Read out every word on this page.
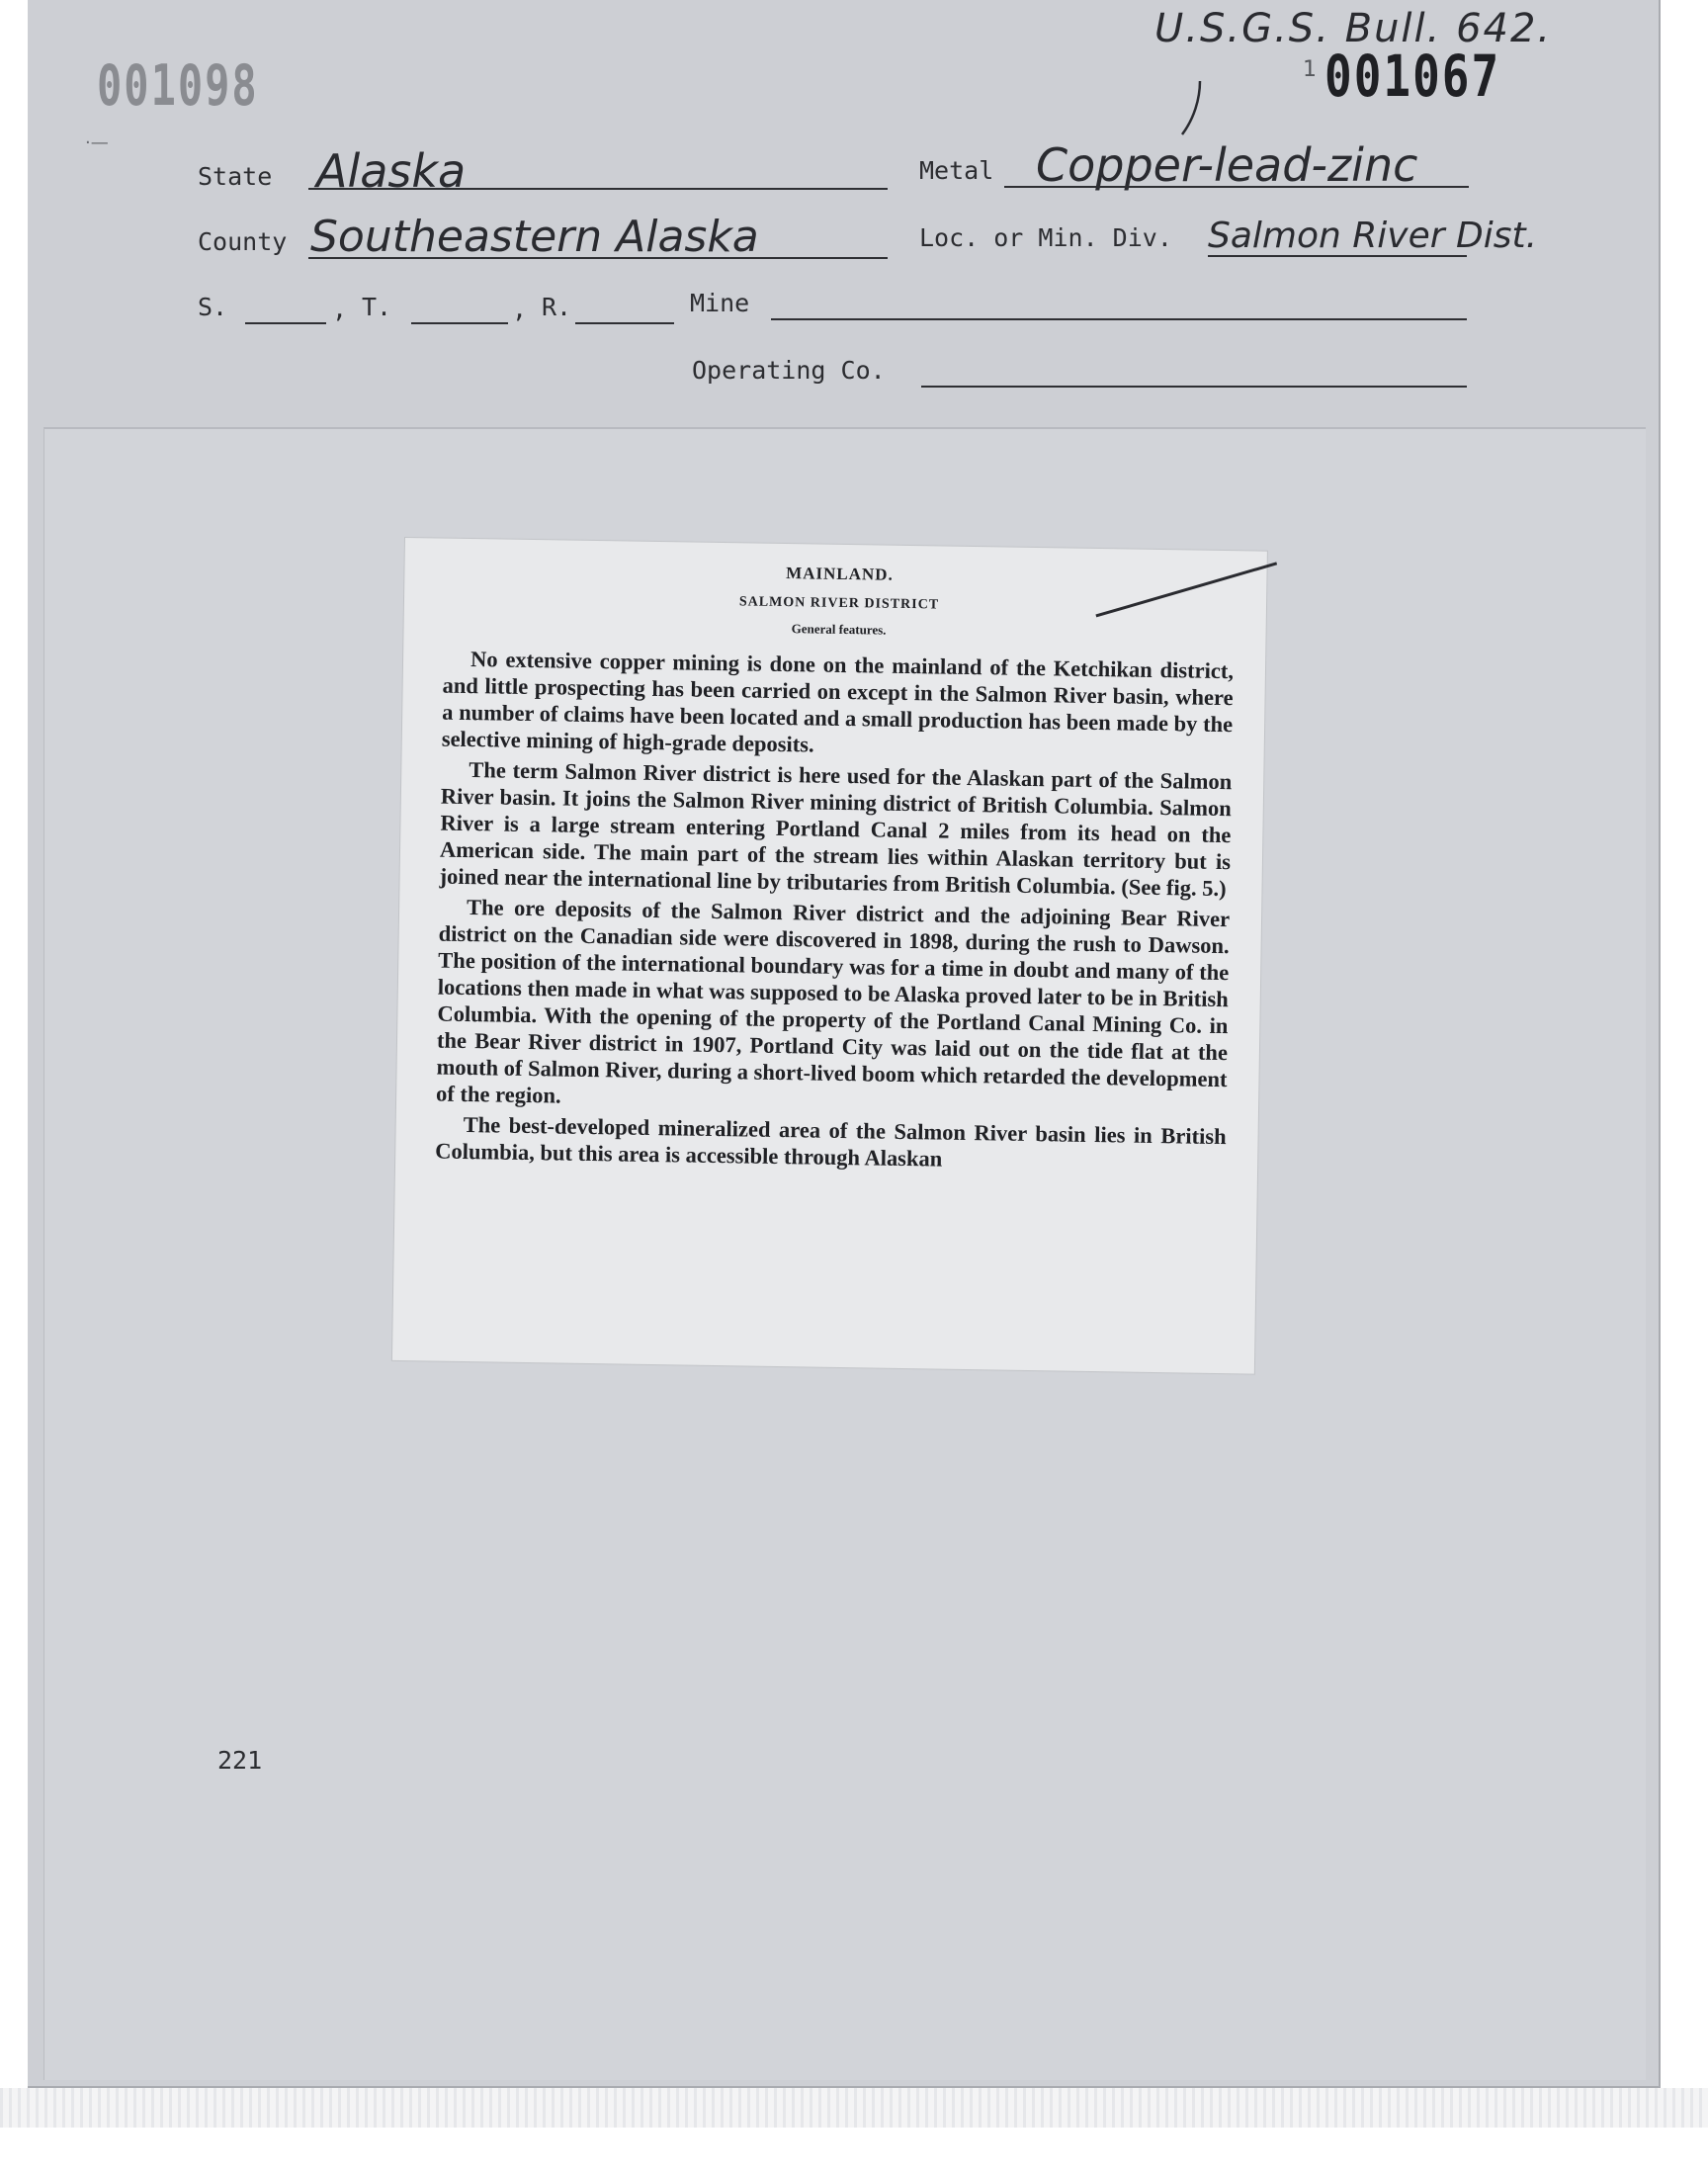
001098
U.S.G.S. Bull. 642.
1 001067
·—
State Alaska	Metal Copper-lead-zinc
County Southeastern Alaska	Loc. or Min. Div. Salmon River Dist.
S.	, T.	, R.	Mine
Operating Co.
MAINLAND.
SALMON RIVER DISTRICT
General features.

No extensive copper mining is done on the mainland of the Ketchikan district, and little prospecting has been carried on except in the Salmon River basin, where a number of claims have been located and a small production has been made by the selective mining of high-grade deposits.

The term Salmon River district is here used for the Alaskan part of the Salmon River basin. It joins the Salmon River mining district of British Columbia. Salmon River is a large stream entering Portland Canal 2 miles from its head on the American side. The main part of the stream lies within Alaskan territory but is joined near the international line by tributaries from British Columbia. (See fig. 5.)

The ore deposits of the Salmon River district and the adjoining Bear River district on the Canadian side were discovered in 1898, during the rush to Dawson. The position of the international boundary was for a time in doubt and many of the locations then made in what was supposed to be Alaska proved later to be in British Columbia. With the opening of the property of the Portland Canal Mining Co. in the Bear River district in 1907, Portland City was laid out on the tide flat at the mouth of Salmon River, during a short-lived boom which retarded the development of the region.

The best-developed mineralized area of the Salmon River basin lies in British Columbia, but this area is accessible through Alaskan

221
